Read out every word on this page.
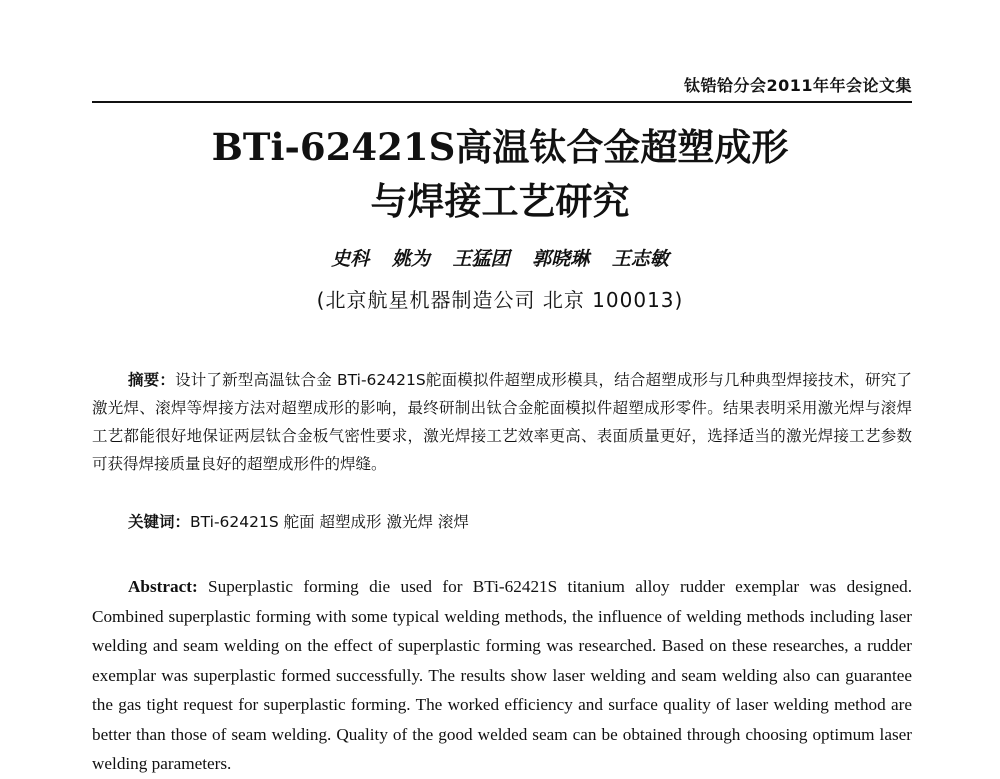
钛锆铪分会2011年年会论文集
BTi-62421S高温钛合金超塑成形
与焊接工艺研究
史科 姚为 王猛团 郭晓琳 王志敏
(北京航星机器制造公司 北京 100013)

摘要：设计了新型高温钛合金 BTi-62421S舵面模拟件超塑成形模具，结合超塑成形与几种典型焊接技术，研究了激光焊、滚焊等焊接方法对超塑成形的影响，最终研制出钛合金舵面模拟件超塑成形零件。结果表明采用激光焊与滚焊工艺都能很好地保证两层钛合金板气密性要求，激光焊接工艺效率更高、表面质量更好，选择适当的激光焊接工艺参数可获得焊接质量良好的超塑成形件的焊缝。

关键词：BTi-62421S 舵面 超塑成形 激光焊 滚焊

Abstract: Superplastic forming die used for BTi-62421S titanium alloy rudder exemplar was designed. Combined superplastic forming with some typical welding methods, the influence of welding methods including laser welding and seam welding on the effect of superplastic forming was researched. Based on these researches, a rudder exemplar was superplastic formed successfully. The results show laser welding and seam welding also can guarantee the gas tight request for superplastic forming. The worked efficiency and surface quality of laser welding method are better than those of seam welding. Quality of the good welded seam can be obtained through choosing optimum laser welding parameters.
